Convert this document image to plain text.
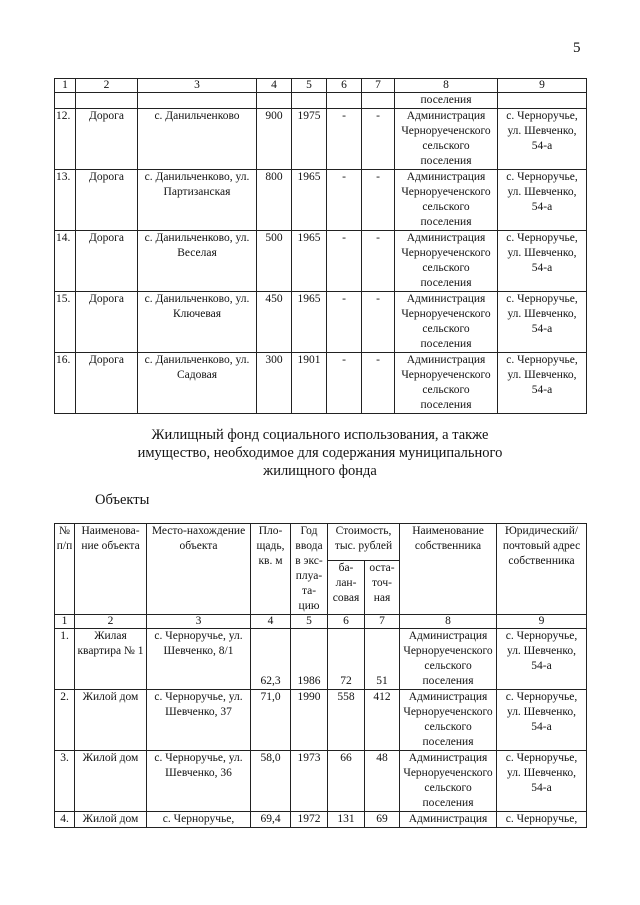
5
1	2	3	4	5	6	7	8	9
							поселения	
12.	Дорога	с. Данильченково	900	1975	-	-	Администрация Черноруеченского сельского поселения	с. Черноручье, ул. Шевченко, 54-а
13.	Дорога	с. Данильченково, ул. Партизанская	800	1965	-	-	Администрация Черноруеченского сельского поселения	с. Черноручье, ул. Шевченко, 54-а
14.	Дорога	с. Данильченково, ул. Веселая	500	1965	-	-	Администрация Черноруеченского сельского поселения	с. Черноручье, ул. Шевченко, 54-а
15.	Дорога	с. Данильченково, ул. Ключевая	450	1965	-	-	Администрация Черноруеченского сельского поселения	с. Черноручье, ул. Шевченко, 54-а
16.	Дорога	с. Данильченково, ул. Садовая	300	1901	-	-	Администрация Черноруеченского сельского поселения	с. Черноручье, ул. Шевченко, 54-а
Жилищный фонд социального использования, а также имущество, необходимое для содержания муниципального жилищного фонда
Объекты
№ п/п	Наименова-ние объекта	Место-нахождение объекта	Пло-щадь, кв. м	Год ввода в экс-плуа-та-цию	Стоимость, тыс. рублей		Наименование собственника	Юридический/ почтовый адрес собственника
					ба-лан-совая	оста-точ-ная		
1	2	3	4	5	6	7	8	9
1.	Жилая квартира № 1	с. Черноручье, ул. Шевченко, 8/1	62,3	1986	72	51	Администрация Черноруеченского сельского поселения	с. Черноручье, ул. Шевченко, 54-а
2.	Жилой дом	с. Черноручье, ул. Шевченко, 37	71,0	1990	558	412	Администрация Черноруеченского сельского поселения	с. Черноручье, ул. Шевченко, 54-а
3.	Жилой дом	с. Черноручье, ул. Шевченко, 36	58,0	1973	66	48	Администрация Черноруеченского сельского поселения	с. Черноручье, ул. Шевченко, 54-а
4.	Жилой дом	с. Черноручье,	69,4	1972	131	69	Администрация	с. Черноручье,
